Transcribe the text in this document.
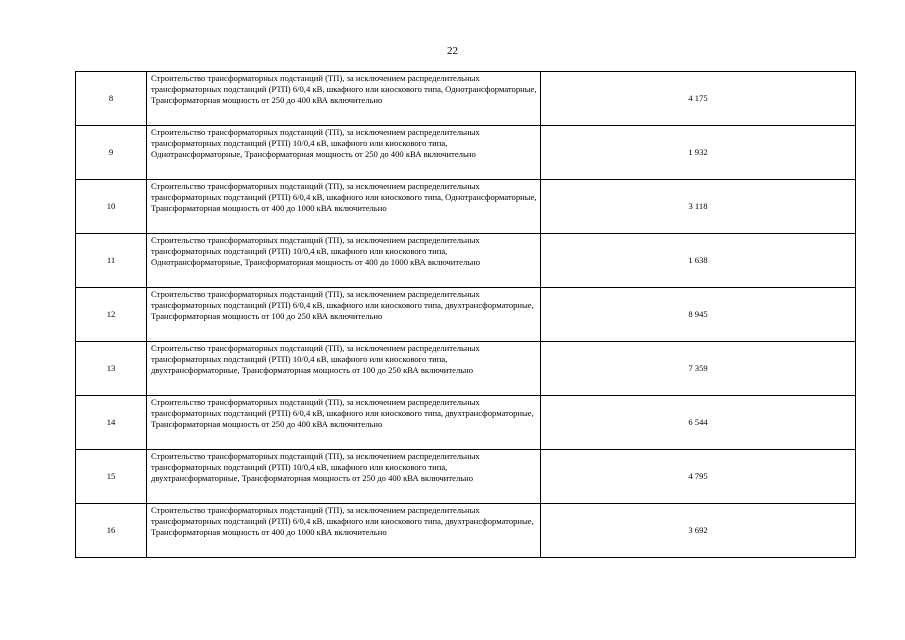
22
8	Строительство трансформаторных подстанций (ТП), за исключением распределительных трансформаторных подстанций (РТП) 6/0,4 кВ, шкафного или киоскового типа, Однотрансформаторные, Трансформаторная мощность от 250 до 400 кВА включительно	4 175
9	Строительство трансформаторных подстанций (ТП), за исключением распределительных трансформаторных подстанций (РТП) 10/0,4 кВ, шкафного или киоскового типа, Однотрансформаторные, Трансформаторная мощность от 250 до 400 кВА включительно	1 932
10	Строительство трансформаторных подстанций (ТП), за исключением распределительных трансформаторных подстанций (РТП) 6/0,4 кВ, шкафного или киоскового типа, Однотрансформаторные, Трансформаторная мощность от 400 до 1000 кВА включительно	3 118
11	Строительство трансформаторных подстанций (ТП), за исключением распределительных трансформаторных подстанций (РТП) 10/0,4 кВ, шкафного или киоскового типа, Однотрансформаторные, Трансформаторная мощность от 400 до 1000 кВА включительно	1 638
12	Строительство трансформаторных подстанций (ТП), за исключением распределительных трансформаторных подстанций (РТП) 6/0,4 кВ, шкафного или киоскового типа, двухтрансформаторные, Трансформаторная мощность от 100 до 250 кВА включительно	8 945
13	Строительство трансформаторных подстанций (ТП), за исключением распределительных трансформаторных подстанций (РТП) 10/0,4 кВ, шкафного или киоскового типа, двухтрансформаторные, Трансформаторная мощность от 100 до 250 кВА включительно	7 359
14	Строительство трансформаторных подстанций (ТП), за исключением распределительных трансформаторных подстанций (РТП) 6/0,4 кВ, шкафного или киоскового типа, двухтрансформаторные, Трансформаторная мощность от 250 до 400 кВА включительно	6 544
15	Строительство трансформаторных подстанций (ТП), за исключением распределительных трансформаторных подстанций (РТП) 10/0,4 кВ, шкафного или киоскового типа, двухтрансформаторные, Трансформаторная мощность от 250 до 400 кВА включительно	4 795
16	Строительство трансформаторных подстанций (ТП), за исключением распределительных трансформаторных подстанций (РТП) 6/0,4 кВ, шкафного или киоскового типа, двухтрансформаторные, Трансформаторная мощность от 400 до 1000 кВА включительно	3 692
